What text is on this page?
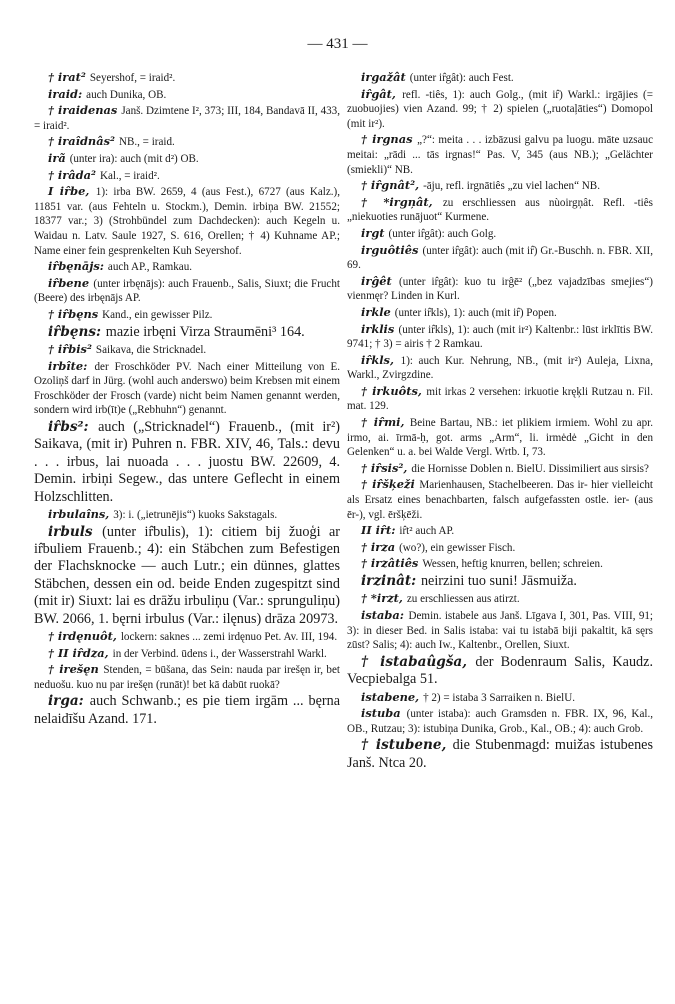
— 431 —

† irat² Seyershof, = iraid².

iraid: auch Dunika, OB.

† iraidenas Janš. Dzimtene I², 373; III, 184, Bandavā II, 433, = iraid².

† iraîdnâs² NB., = iraid.

irã (unter ira): auch (mit d²) OB.

† irâda² Kal., = iraid².

I ir̂be, 1): irba BW. 2659, 4 (aus Fest.), 6727 (aus Kalz.), 11851 var. (aus Fehteln u. Stockm.), Demin. irbiņa BW. 21552; 18377 var.; 3) (Strohbündel zum Dachdecken): auch Kegeln u. Waidau n. Latv. Saule 1927, S. 616, Orellen; † 4) Kuhname AP.; Name einer fein gesprenkelten Kuh Seyershof.

ir̂bęnājs: auch AP., Ramkau.

ir̂bene (unter irbęnājs): auch Frauenb., Salis, Siuxt; die Frucht (Beere) des irbęnājs AP.

† ir̂bęns Kand., ein gewisser Pilz.

ir̂bęns: mazie irbęni Virza Straumēni³ 164.

† ir̂bis² Saikava, die Stricknadel.

irbîte: der Froschköder PV. Nach einer Mitteilung von E. Ozoliņš darf in Jürg. (wohl auch anderswo) beim Krebsen mit einem Froschköder der Frosch (varde) nicht beim Namen genannt werden, sondern wird irb(īt)e („Rebhuhn“) genannt.

ir̂bs²: auch („Stricknadel“) Frauenb., (mit ir²) Saikava, (mit ir) Puhren n. FBR. XIV, 46, Tals.: devu . . . irbus, lai nuoada . . . juostu BW. 22609, 4. Demin. irbiņi Segew., das untere Geflecht in einem Holzschlitten.

irbulaîns, 3): i. („ietrunējis“) kuoks Sakstagals.

irbuls (unter ir̂bulis), 1): citiem bij žuoģi ar ir̂buliem Frauenb.; 4): ein Stäbchen zum Befestigen der Flachsknocke — auch Lutr.; ein dünnes, glattes Stäbchen, dessen ein od. beide Enden zugespitzt sind (mit ir) Siuxt: lai es drāžu irbuliņu (Var.: sprunguliņu) BW. 2066, 1. bęrni irbulus (Var.: ilęnus) drāza 20973.

† irdęnuôt, lockern: saknes ... zemi irdęnuo Pet. Av. III, 194.

† II ir̂dza, in der Verbind. ūdens i., der Wasserstrahl Warkl.

† irešęn Stenden, = būšana, das Sein: nauda par irešęn ir, bet neduošu. kuo nu par irešęn (runāt)! bet kā dabūt ruokā?

irga: auch Schwanb.; es pie tiem irgām ... bęrna nelaidīšu Azand. 171.

irgažât (unter ir̂gât): auch Fest.

ir̂gât, refl. -tiês, 1): auch Golg., (mit ir̂) Warkl.: irgājies (= zuobuojies) vien Azand. 99; † 2) spielen („ruotaļāties“) Domopol (mit ir²).

† irgnas „?“: meita . . . izbāzusi galvu pa luogu. māte uzsauc meitai: „rādi ... tās irgnas!“ Pas. V, 345 (aus NB.); „Gelächter (smiekli)“ NB.

† ir̂gnât², -āju, refl. irgnātiês „zu viel lachen“ NB.

† *irgņât, zu erschliessen aus nùoirgņât. Refl. -tiês „niekuoties runājuot“ Kurmene.

irgt (unter ir̂gât): auch Golg.

irguôtiês (unter ir̂gât): auch (mit ir̂) Gr.-Buschh. n. FBR. XII, 69.

irĝêt (unter ir̂gât): kuo tu irĝē² („bez vajadzības smejies“) vienmęr? Linden in Kurl.

irkle (unter ir̂kls), 1): auch (mit ir̂) Popen.

irklis (unter ir̂kls), 1): auch (mit ir²) Kaltenbr.: lūst irklītis BW. 9741; † 3) = airis † 2 Ramkau.

ir̂kls, 1): auch Kur. Nehrung, NB., (mit ir²) Auleja, Lixna, Warkl., Zvirgzdine.

† irkuôts, mit irkas 2 versehen: irkuotie kręķli Rutzau n. Fil. mat. 129.

† ir̂mi, Beine Bartau, NB.: iet plikiem irmiem. Wohl zu apr. irmo, ai. īrmā-ḥ, got. arms „Arm“, li. irmėdė „Gicht in den Gelenken“ u. a. bei Walde Vergl. Wrtb. I, 73.

† ir̂sis², die Hornisse Doblen n. BielU. Dissimiliert aus sirsis?

† ir̂šķeži Marienhausen, Stachelbeeren. Das ir- hier vielleicht als Ersatz eines benachbarten, falsch aufgefassten ostle. ier- (aus ēr-), vgl. ēršķēži.

II ir̂t: ir̂t² auch AP.

† irza (wo?), ein gewisser Fisch.

† irzâtiês Wessen, heftig knurren, bellen; schreien.

irzinât: neirzini tuo suni! Jāsmuiža.

† *irzt, zu erschliessen aus atirzt.

istaba: Demin. istabele aus Janš. Līgava I, 301, Pas. VIII, 91; 3): in dieser Bed. in Salis istaba: vai tu istabā biji pakaltit, kā sęrs zūst? Salis; 4): auch Iw., Kaltenbr., Orellen, Siuxt.

† istabaûgša, der Bodenraum Salis, Kaudz. Vecpiebalga 51.

istabene, † 2) = istaba 3 Sarraiken n. BielU.

istuba (unter istaba): auch Gramsden n. FBR. IX, 96, Kal., OB., Rutzau; 3): istubiņa Dunika, Grob., Kal., OB.; 4): auch Grob.

† istubene, die Stubenmagd: muižas istubenes Janš. Ntca 20.
